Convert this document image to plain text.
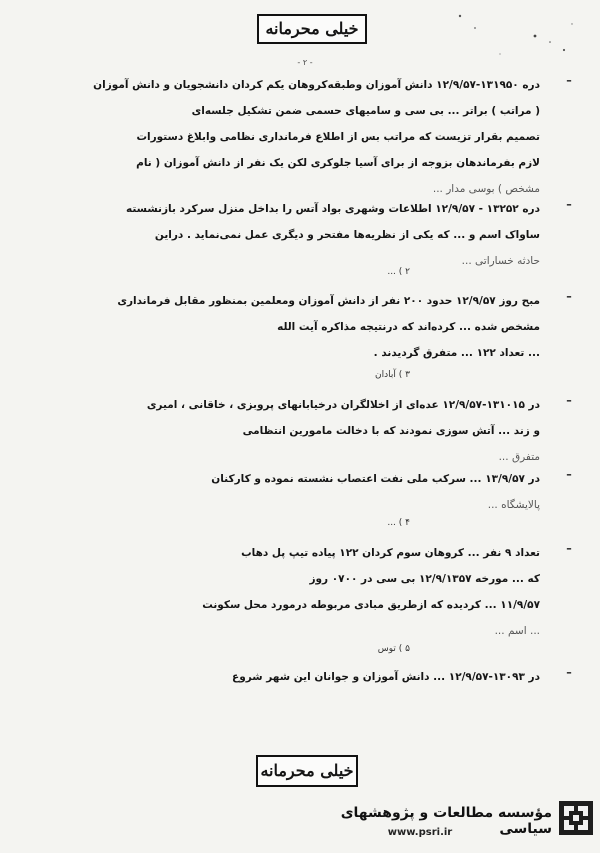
خیلی محرمانه
- ۲ -
–
دره ۱۳۱۹۵۰-۱۲/۹/۵۷ دانش آموزان وطبقه‌کروهان یکم کردان دانشجویان و دانش آموزان
( مراتب ) براتر ... بی سی و سامیهای حسمی ضمن تشکیل جلسه‌ای
تصمیم بقرار تزیست که مراتب بس از اطلاع فرمانداری نظامی وابلاغ دستورات
لازم بفرماندهان بزوجه از برای آسیا جلوکری لکن یک نفر از دانش آموزان ( نام
مشخص ) بوسی مدار ...
–
دره ۱۳۲۵۲ - ۱۲/۹/۵۷ اطلاعات وشهری بواد آتس را بداخل منزل سرکرد بازنشسته
ساواک اسم و ... که یکی از نظریه‌ها مفتحر و دیگری عمل نمی‌نماید . دراین
حادثه خساراتی ...
۲ ) ...
–
مبح روز ۱۲/۹/۵۷ حدود ۲۰۰ نفر از دانش آموزان ومعلمین بمنظور مقابل فرمانداری
مشخص شده ... کرده‌اند که درنتیجه مذاکره آیت الله
... تعداد ۱۲۲ ... متفرق گردیدند .
۳ ) آبادان
–
در ۱۳۱۰۱۵-۱۲/۹/۵۷ عده‌ای از اخلالگران درخیابانهای پروبزی ، خاقانی ، امیری
و زند ... آتش سوزی نمودند که با دخالت مامورین انتظامی
متفرق ...
–
در ۱۳/۹/۵۷ ... سرکب ملی نفت اعتصاب نشسته نموده و کارکنان
پالایشگاه ...
۴ ) ...
–
تعداد ۹ نفر ... کروهان سوم کردان ۱۲۲ پیاده تیپ پل دهاب
که ... مورخه ۱۲/۹/۱۳۵۷ بی سی در ۰۷۰۰ روز
۱۱/۹/۵۷ ... کردیده که ازطریق مبادی مربوطه درمورد محل سکونت
... اسم ...
۵ ) توس
–
در ۱۳۰۹۳-۱۲/۹/۵۷ ... دانش آموزان و جوانان این شهر شروع
خیلی محرمانه
مؤسسه مطالعات و پژوهشهای سیاسی
www.psri.ir
